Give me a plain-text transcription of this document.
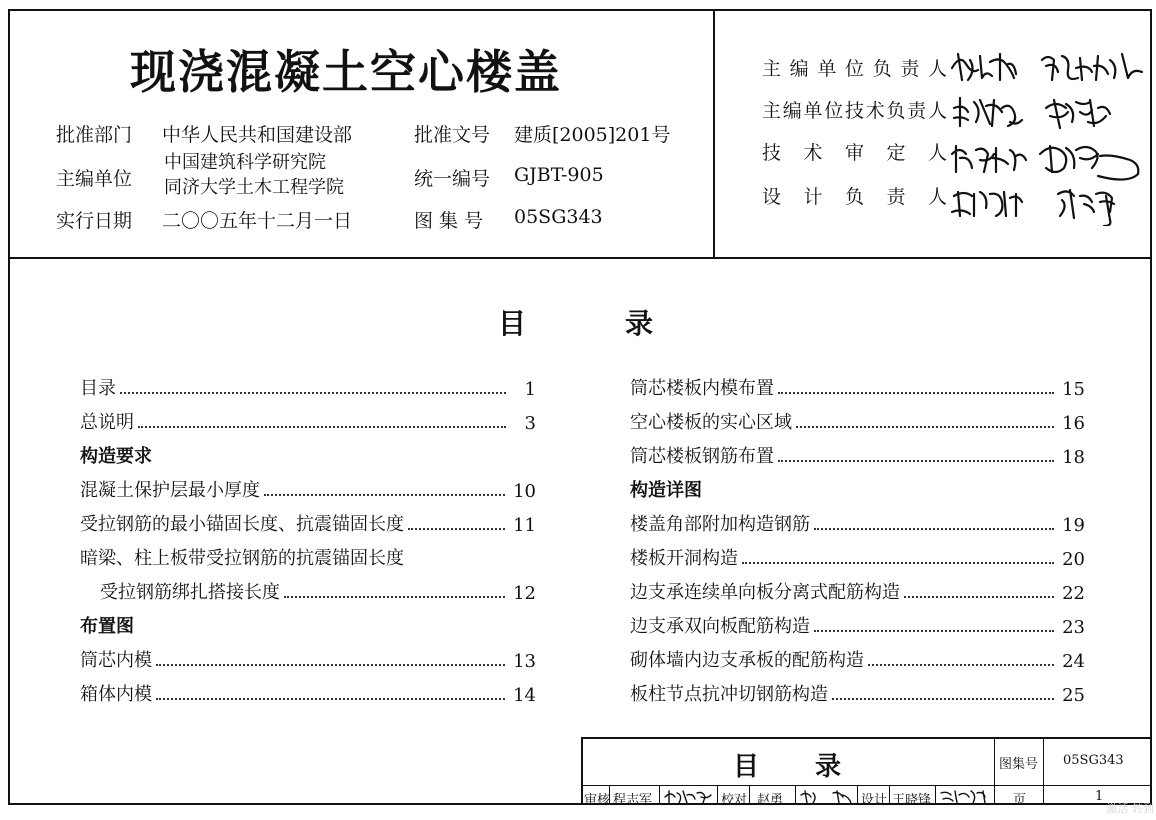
现浇混凝土空心楼盖
批准部门 中华人民共和国建设部	批准文号 建质[2005]201号
主编单位
中国建筑科学研究院
同济大学土木工程学院	统一编号 GJBT-905
实行日期 二〇〇五年十二月一日	图 集 号 05SG343
主编单位负责人
主编单位技术负责人
技术审定人
设计负责人
目	录
目录	1
总说明	3
构造要求
混凝土保护层最小厚度	10
受拉钢筋的最小锚固长度、抗震锚固长度	11
暗梁、柱上板带受拉钢筋的抗震锚固长度
受拉钢筋绑扎搭接长度	12
布置图
筒芯内模	13
箱体内模	14
筒芯楼板内模布置	15
空心楼板的实心区域	16
筒芯楼板钢筋布置	18
构造详图
楼盖角部附加构造钢筋	19
楼板开洞构造	20
边支承连续单向板分离式配筋构造	22
边支承双向板配筋构造	23
砌体墙内边支承板的配筋构造	24
板柱节点抗冲切钢筋构造	25
目 录	图集号 05SG343
审核 程志军	校对 赵勇	设计 王晓锋	页	1
激活 转到
